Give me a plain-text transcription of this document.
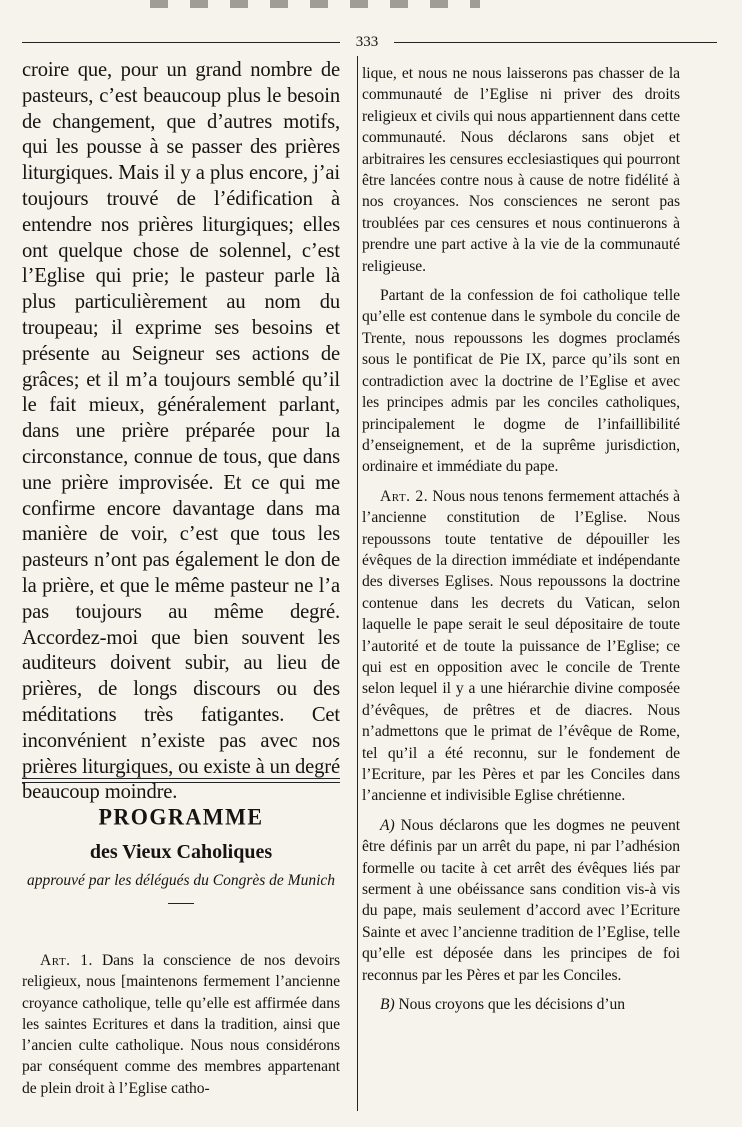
333

croire que, pour un grand nombre de pasteurs, c’est beaucoup plus le besoin de changement, que d’autres motifs, qui les pousse à se passer des prières liturgiques. Mais il y a plus encore, j’ai toujours trouvé de l’édification à entendre nos prières liturgiques; elles ont quelque chose de solennel, c’est l’Eglise qui prie; le pasteur parle là plus particulièrement au nom du troupeau; il exprime ses besoins et présente au Seigneur ses actions de grâces; et il m’a toujours semblé qu’il le fait mieux, généralement parlant, dans une prière préparée pour la circonstance, connue de tous, que dans une prière improvisée. Et ce qui me confirme encore davantage dans ma manière de voir, c’est que tous les pasteurs n’ont pas également le don de la prière, et que le même pasteur ne l’a pas toujours au même degré. Accordez-moi que bien souvent les auditeurs doivent subir, au lieu de prières, de longs discours ou des méditations très fatigantes. Cet inconvénient n’existe pas avec nos prières liturgiques, ou existe à un degré beaucoup moindre.

PROGRAMME
des Vieux Caholiques
approuvé par les délégués du Congrès de Munich

Art. 1. Dans la conscience de nos devoirs religieux, nous [maintenons fermement l’ancienne croyance catholique, telle qu’elle est affirmée dans les saintes Ecritures et dans la tradition, ainsi que l’ancien culte catholique. Nous nous considérons par conséquent comme des membres appartenant de plein droit à l’Eglise catho-

lique, et nous ne nous laisserons pas chasser de la communauté de l’Eglise ni priver des droits religieux et civils qui nous appartiennent dans cette communauté. Nous déclarons sans objet et arbitraires les censures ecclesiastiques qui pourront être lancées contre nous à cause de notre fidélité à nos croyances. Nos consciences ne seront pas troublées par ces censures et nous continuerons à prendre une part active à la vie de la communauté religieuse.

Partant de la confession de foi catholique telle qu’elle est contenue dans le symbole du concile de Trente, nous repoussons les dogmes proclamés sous le pontificat de Pie IX, parce qu’ils sont en contradiction avec la doctrine de l’Eglise et avec les principes admis par les conciles catholiques, principalement le dogme de l’infaillibilité d’enseignement, et de la suprême jurisdiction, ordinaire et immédiate du pape.

Art. 2. Nous nous tenons fermement attachés à l’ancienne constitution de l’Eglise. Nous repoussons toute tentative de dépouiller les évêques de la direction immédiate et indépendante des diverses Eglises. Nous repoussons la doctrine contenue dans les decrets du Vatican, selon laquelle le pape serait le seul dépositaire de toute l’autorité et de toute la puissance de l’Eglise; ce qui est en opposition avec le concile de Trente selon lequel il y a une hiérarchie divine composée d’évêques, de prêtres et de diacres. Nous n’admettons que le primat de l’évêque de Rome, tel qu’il a été reconnu, sur le fondement de l’Ecriture, par les Pères et par les Conciles dans l’ancienne et indivisible Eglise chrétienne.

A) Nous déclarons que les dogmes ne peuvent être définis par un arrêt du pape, ni par l’adhésion formelle ou tacite à cet arrêt des évêques liés par serment à une obéissance sans condition vis-à vis du pape, mais seulement d’accord avec l’Ecriture Sainte et avec l’ancienne tradition de l’Eglise, telle qu’elle est déposée dans les principes de foi reconnus par les Pères et par les Conciles.

B) Nous croyons que les décisions d’un
